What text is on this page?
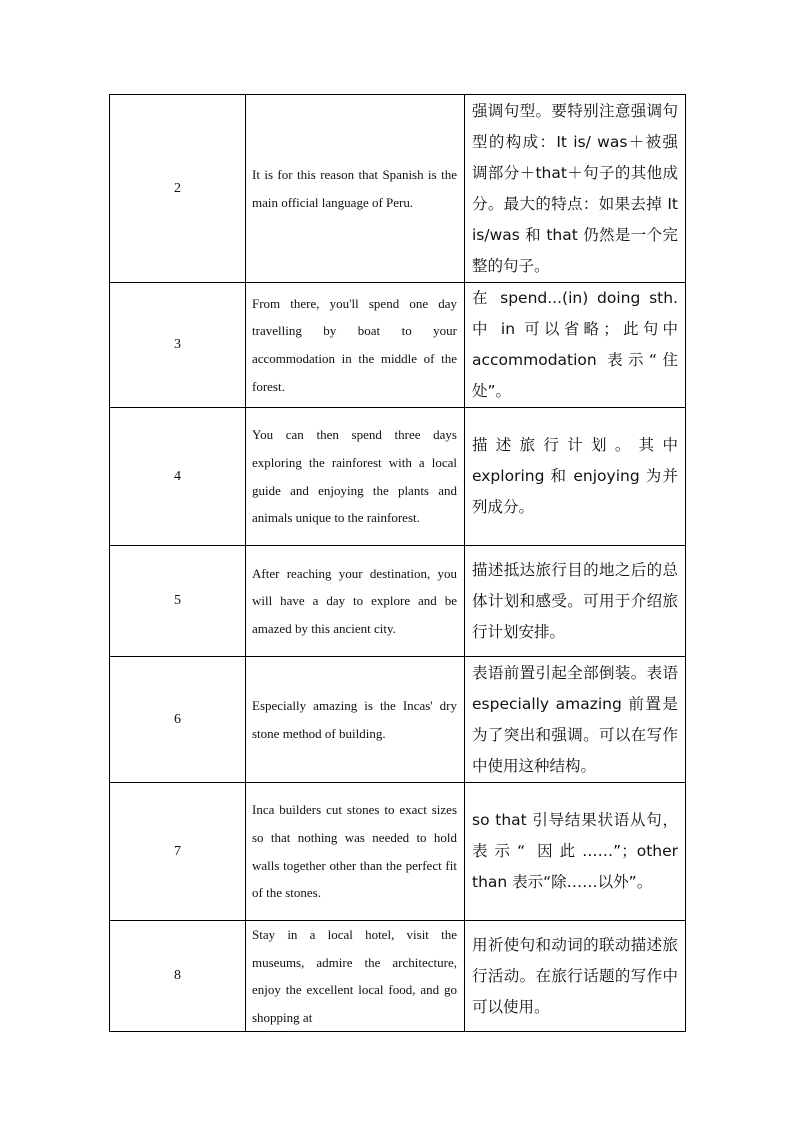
2	It is for this reason that Spanish is the main official language of Peru.	强调句型。要特别注意强调句型的构成：It is/ was＋被强调部分＋that＋句子的其他成分。最大的特点：如果去掉 It is/was 和 that 仍然是一个完整的句子。
3	From there, you'll spend one day travelling by boat to your accommodation in the middle of the forest.	在 spend...(in) doing sth. 中 in 可以省略；此句中 accommodation 表示“住处”。
4	You can then spend three days exploring the rainforest with a local guide and enjoying the plants and animals unique to the rainforest.	描述旅行计划。其中 exploring 和 enjoying 为并列成分。
5	After reaching your destination, you will have a day to explore and be amazed by this ancient city.	描述抵达旅行目的地之后的总体计划和感受。可用于介绍旅行计划安排。
6	Especially amazing is the Incas' dry stone method of building.	表语前置引起全部倒装。表语 especially amazing 前置是为了突出和强调。可以在写作中使用这种结构。
7	Inca builders cut stones to exact sizes so that nothing was needed to hold walls together other than the perfect fit of the stones.	so that 引导结果状语从句，表示“ 因此……”；other than 表示“除……以外”。
8	Stay in a local hotel, visit the museums, admire the architecture, enjoy the excellent local food, and go shopping at	用祈使句和动词的联动描述旅行活动。在旅行话题的写作中可以使用。
